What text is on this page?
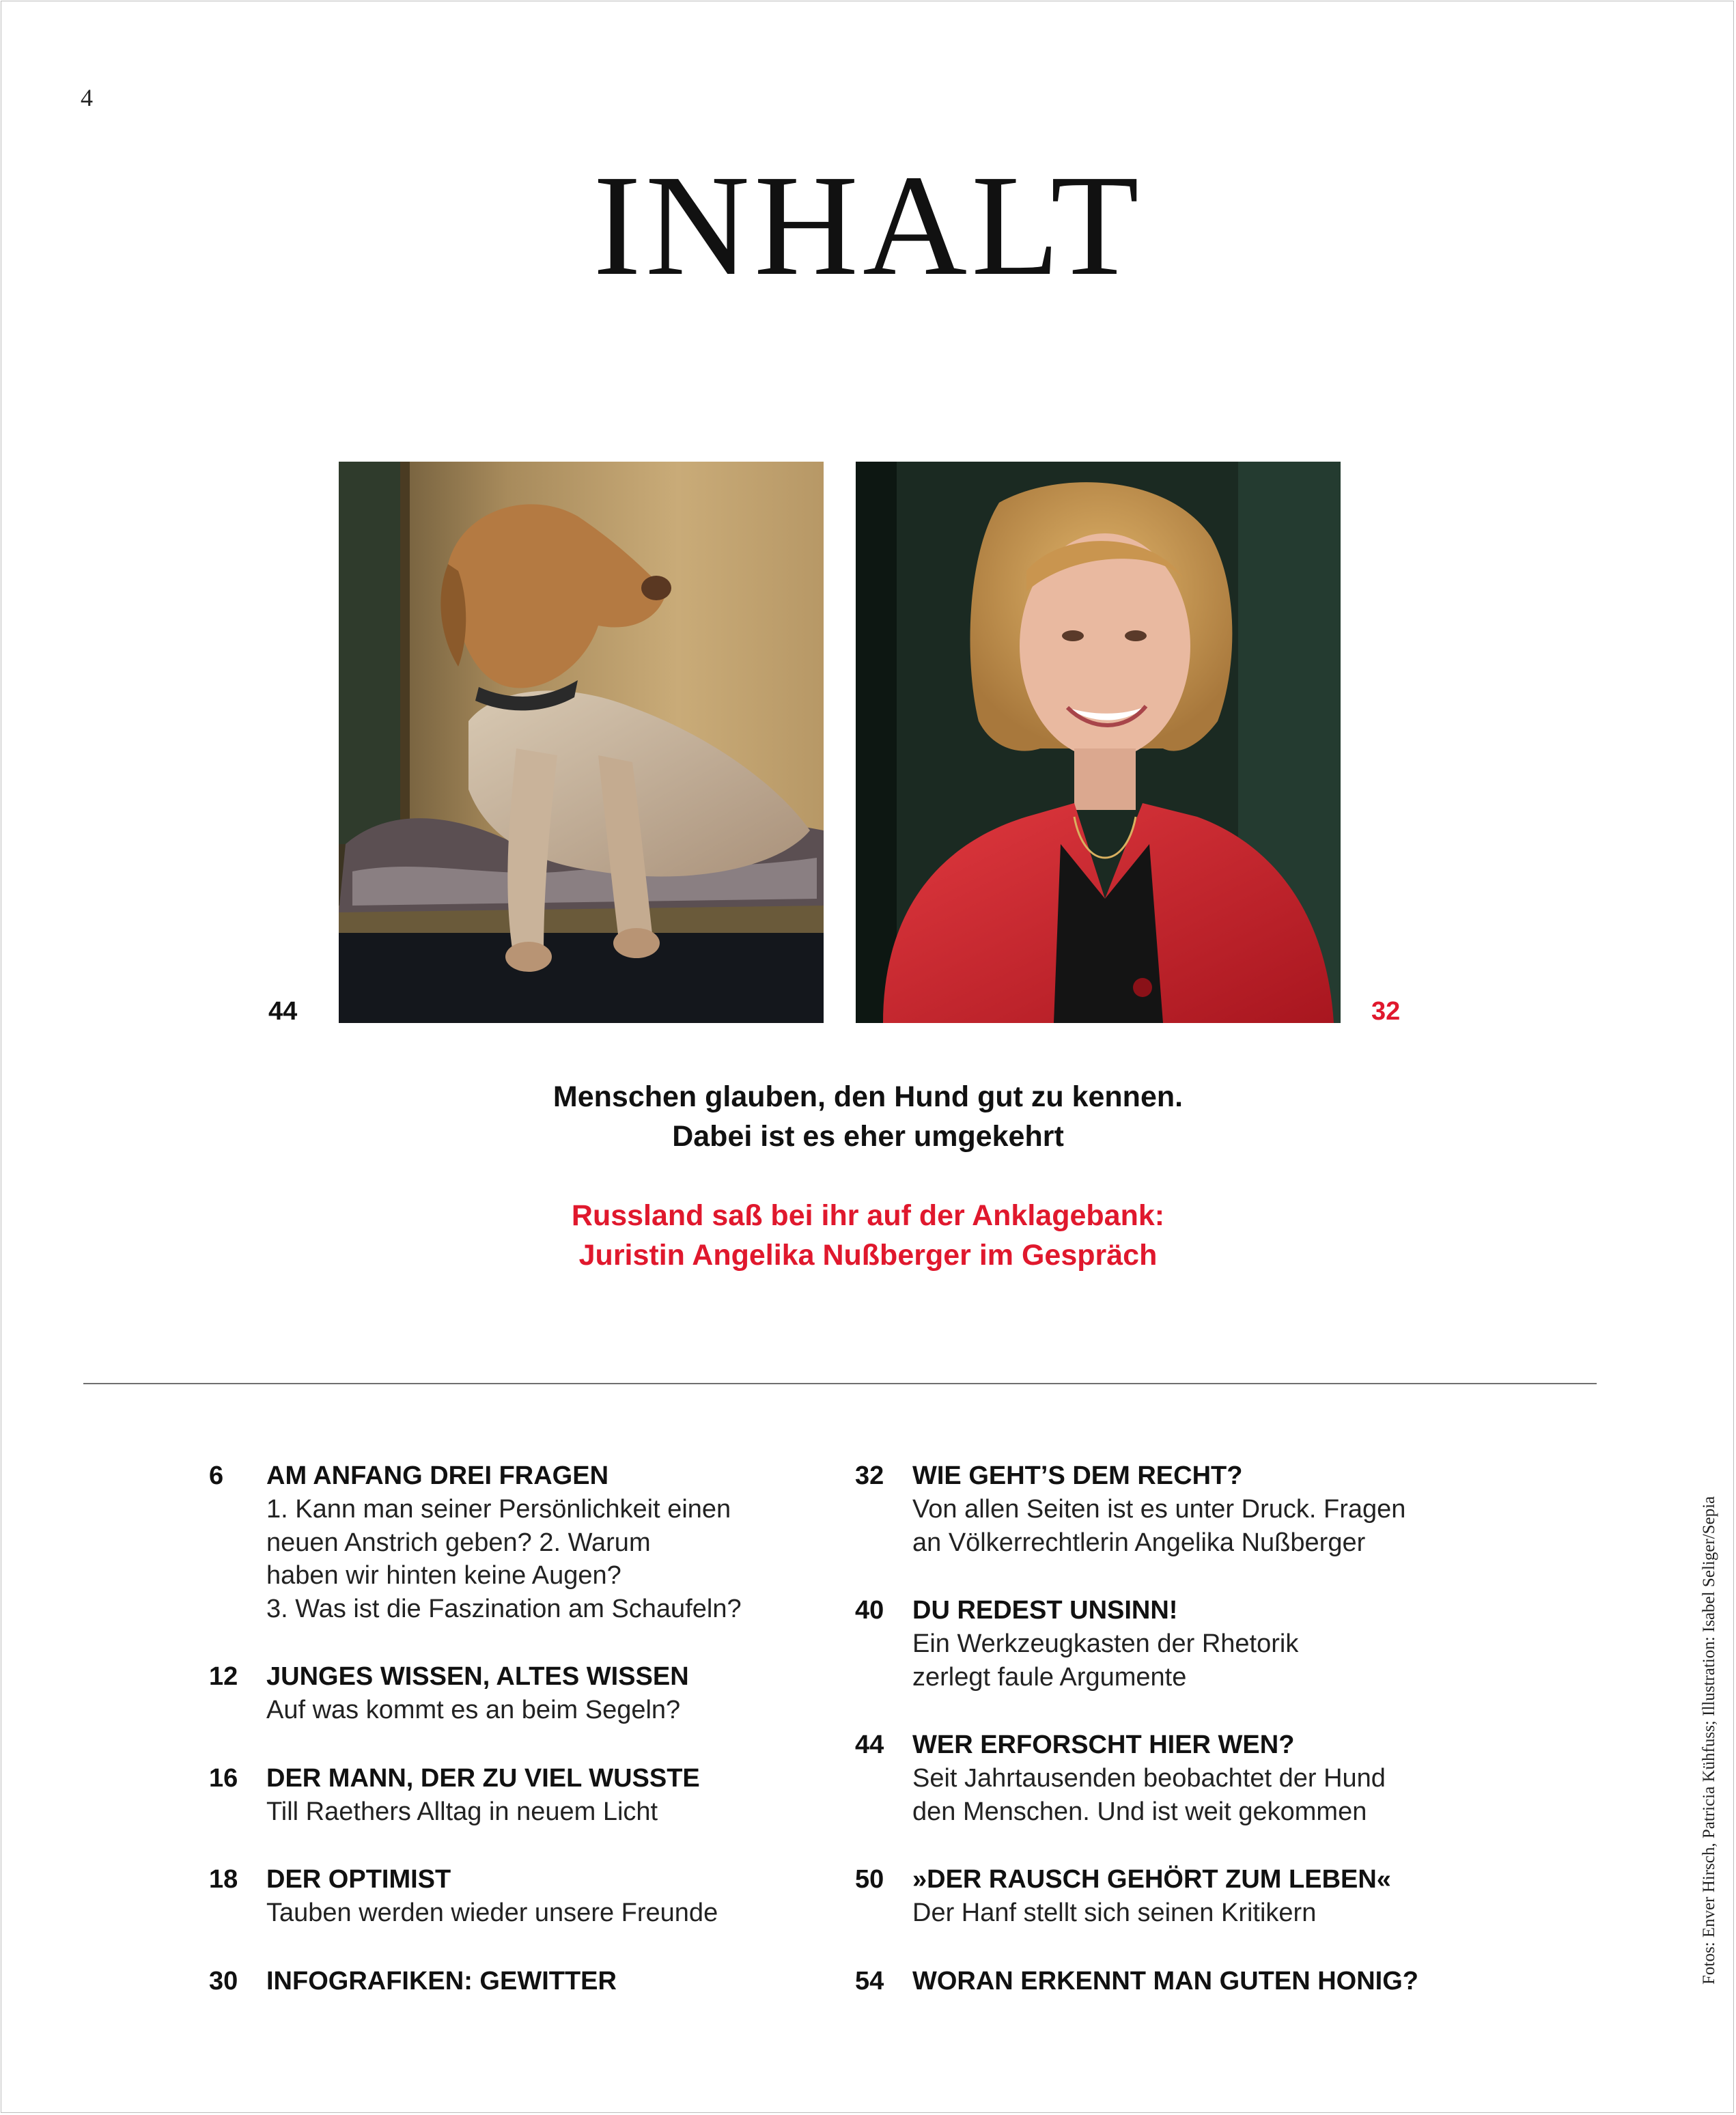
4
INHALT
44	32
Menschen glauben, den Hund gut zu kennen.
Dabei ist es eher umgekehrt
Russland saß bei ihr auf der Anklagebank:
Juristin Angelika Nußberger im Gespräch
6 AM ANFANG DREI FRAGEN
1. Kann man seiner Persönlichkeit einen
neuen Anstrich geben? 2. Warum
haben wir hinten keine Augen?
3. Was ist die Faszination am Schaufeln?
12 JUNGES WISSEN, ALTES WISSEN
Auf was kommt es an beim Segeln?
16 DER MANN, DER ZU VIEL WUSSTE
Till Raethers Alltag in neuem Licht
18 DER OPTIMIST
Tauben werden wieder unsere Freunde
30 INFOGRAFIKEN: GEWITTER
32 WIE GEHT’S DEM RECHT?
Von allen Seiten ist es unter Druck. Fragen
an Völkerrechtlerin Angelika Nußberger
40 DU REDEST UNSINN!
Ein Werkzeugkasten der Rhetorik
zerlegt faule Argumente
44 WER ERFORSCHT HIER WEN?
Seit Jahrtausenden beobachtet der Hund
den Menschen. Und ist weit gekommen
50 »DER RAUSCH GEHÖRT ZUM LEBEN«
Der Hanf stellt sich seinen Kritikern
54 WORAN ERKENNT MAN GUTEN HONIG?	Fotos: Enver Hirsch, Patricia Kühfuss; Illustration: Isabel Seliger/Sepia
